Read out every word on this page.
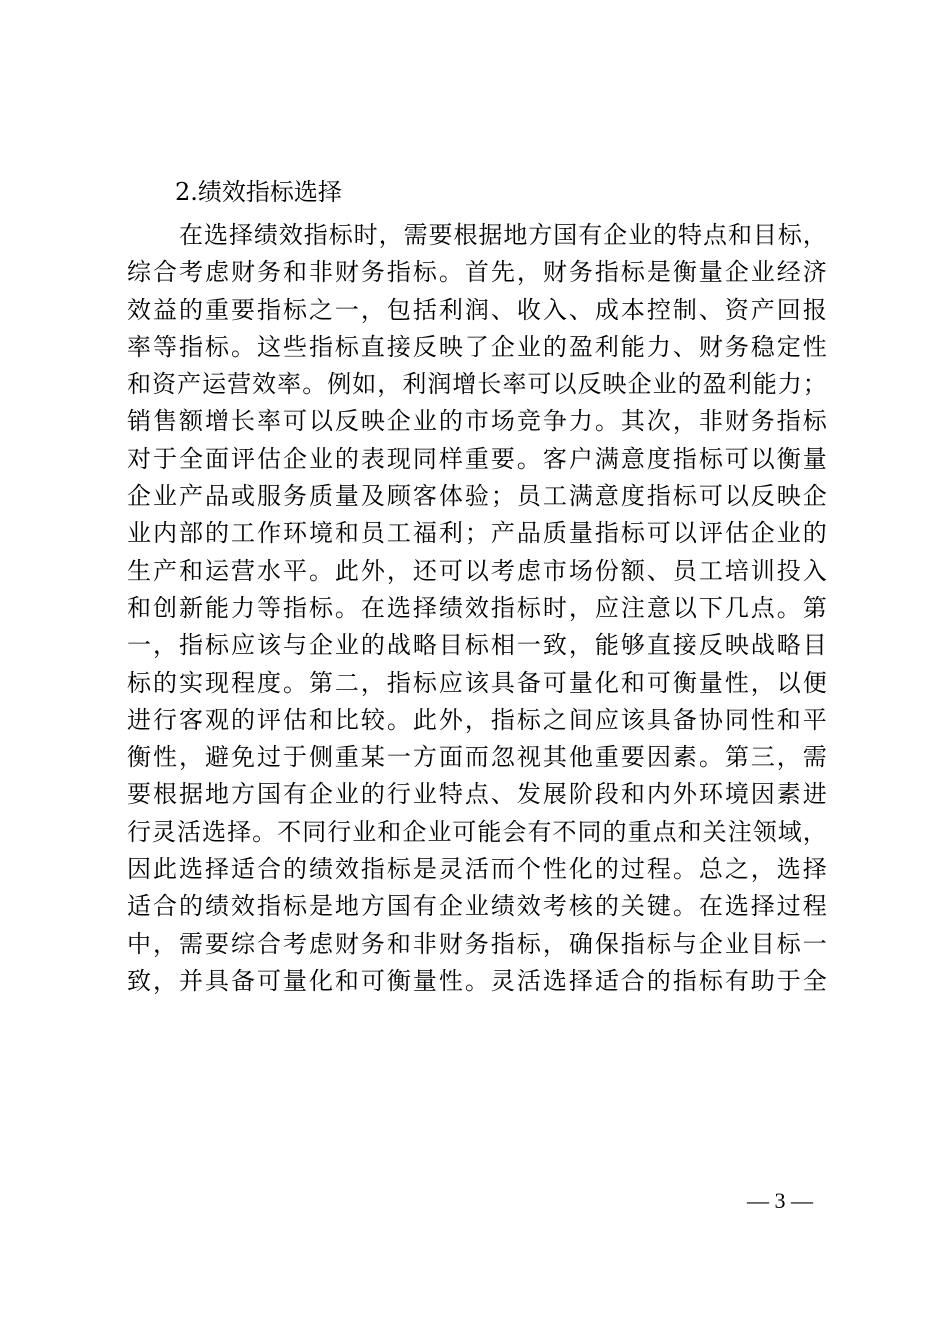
2.绩效指标选择
在选择绩效指标时，需要根据地方国有企业的特点和目标，
综合考虑财务和非财务指标。首先，财务指标是衡量企业经济
效益的重要指标之一，包括利润、收入、成本控制、资产回报
率等指标。这些指标直接反映了企业的盈利能力、财务稳定性
和资产运营效率。例如，利润增长率可以反映企业的盈利能力；
销售额增长率可以反映企业的市场竞争力。其次，非财务指标
对于全面评估企业的表现同样重要。客户满意度指标可以衡量
企业产品或服务质量及顾客体验；员工满意度指标可以反映企
业内部的工作环境和员工福利；产品质量指标可以评估企业的
生产和运营水平。此外，还可以考虑市场份额、员工培训投入
和创新能力等指标。在选择绩效指标时，应注意以下几点。第
一，指标应该与企业的战略目标相一致，能够直接反映战略目
标的实现程度。第二，指标应该具备可量化和可衡量性，以便
进行客观的评估和比较。此外，指标之间应该具备协同性和平
衡性，避免过于侧重某一方面而忽视其他重要因素。第三，需
要根据地方国有企业的行业特点、发展阶段和内外环境因素进
行灵活选择。不同行业和企业可能会有不同的重点和关注领域，
因此选择适合的绩效指标是灵活而个性化的过程。总之，选择
适合的绩效指标是地方国有企业绩效考核的关键。在选择过程
中，需要综合考虑财务和非财务指标，确保指标与企业目标一
致，并具备可量化和可衡量性。灵活选择适合的指标有助于全
— 3 —
